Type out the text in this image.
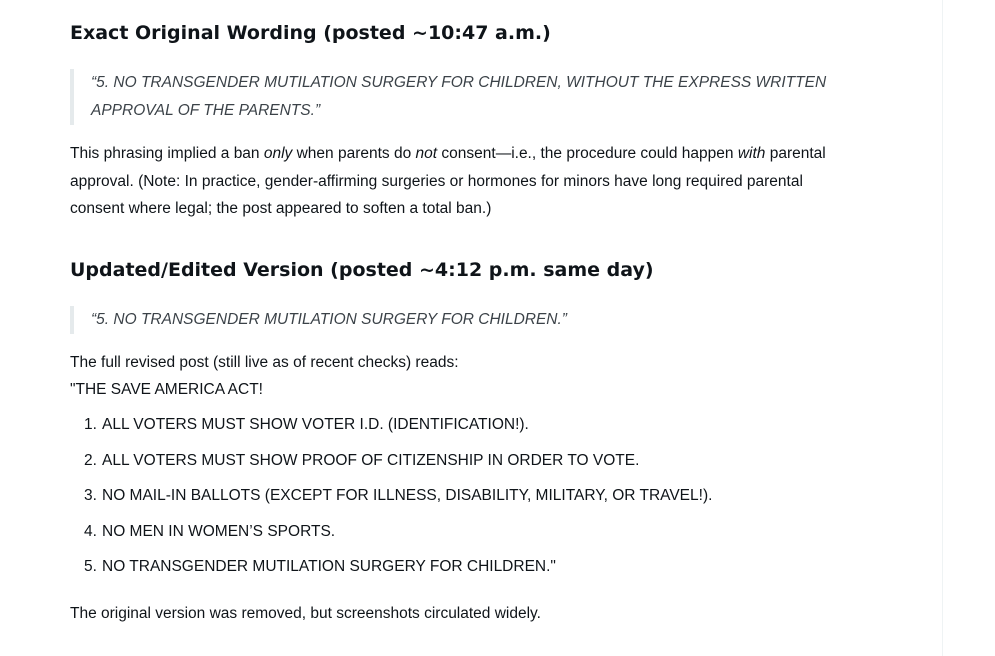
Exact Original Wording (posted ~10:47 a.m.)
“5. NO TRANSGENDER MUTILATION SURGERY FOR CHILDREN, WITHOUT THE EXPRESS WRITTEN APPROVAL OF THE PARENTS.”

This phrasing implied a ban only when parents do not consent—i.e., the procedure could happen with parental approval. (Note: In practice, gender-affirming surgeries or hormones for minors have long required parental consent where legal; the post appeared to soften a total ban.)

Updated/Edited Version (posted ~4:12 p.m. same day)
“5. NO TRANSGENDER MUTILATION SURGERY FOR CHILDREN.”

The full revised post (still live as of recent checks) reads:

"THE SAVE AMERICA ACT!

1. ALL VOTERS MUST SHOW VOTER I.D. (IDENTIFICATION!).
2. ALL VOTERS MUST SHOW PROOF OF CITIZENSHIP IN ORDER TO VOTE.
3. NO MAIL-IN BALLOTS (EXCEPT FOR ILLNESS, DISABILITY, MILITARY, OR TRAVEL!).
4. NO MEN IN WOMEN’S SPORTS.
5. NO TRANSGENDER MUTILATION SURGERY FOR CHILDREN."

The original version was removed, but screenshots circulated widely.
